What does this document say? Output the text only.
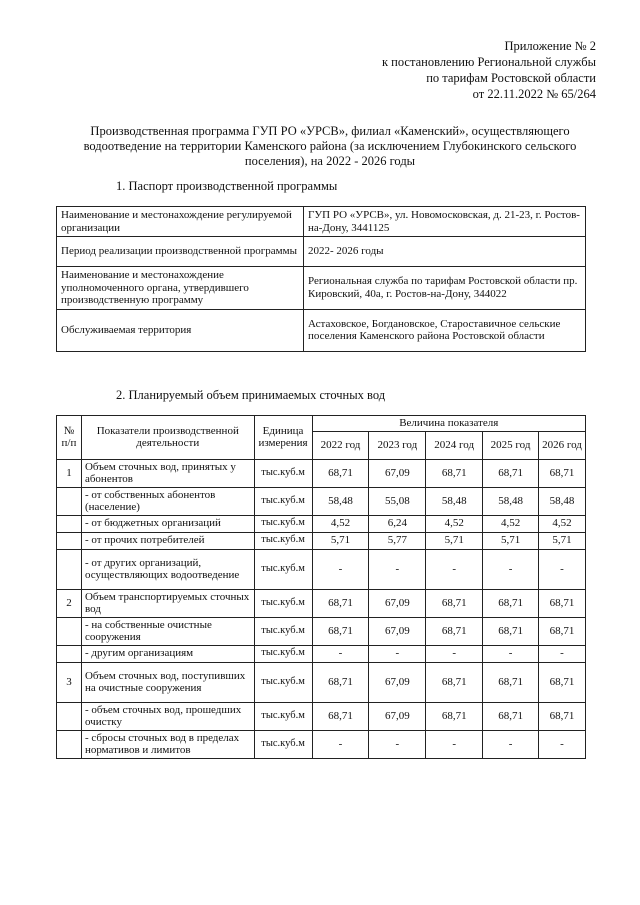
Приложение № 2
к постановлению Региональной службы
по тарифам Ростовской области
от 22.11.2022 № 65/264
Производственная программа ГУП РО «УРСВ», филиал «Каменский», осуществляющего водоотведение на территории Каменского района (за исключением Глубокинского сельского поселения), на 2022 - 2026 годы
1. Паспорт производственной программы
Наименование и местонахождение регулируемой организации	ГУП РО «УРСВ», ул. Новомосковская, д. 21-23, г. Ростов-на-Дону, 3441125
Период реализации производственной программы	2022- 2026 годы
Наименование и местонахождение уполномоченного органа, утвердившего производственную программу	Региональная служба по тарифам Ростовской области пр. Кировский, 40а, г. Ростов-на-Дону, 344022
Обслуживаемая территория	Астаховское, Богдановское, Староставичное сельские поселения Каменского района Ростовской области
2. Планируемый объем принимаемых сточных вод
№ п/п	Показатели производственной деятельности	Единица измерения	Величина показателя				
			2022 год	2023 год	2024 год	2025 год	2026 год
1	Объем сточных вод, принятых у абонентов	тыс.куб.м	68,71	67,09	68,71	68,71	68,71
	- от собственных абонентов (население)	тыс.куб.м	58,48	55,08	58,48	58,48	58,48
	- от бюджетных организаций	тыс.куб.м	4,52	6,24	4,52	4,52	4,52
	- от прочих потребителей	тыс.куб.м	5,71	5,77	5,71	5,71	5,71
	- от других организаций, осуществляющих водоотведение	тыс.куб.м	-	-	-	-	-
2	Объем транспортируемых сточных вод	тыс.куб.м	68,71	67,09	68,71	68,71	68,71
	- на собственные очистные сооружения	тыс.куб.м	68,71	67,09	68,71	68,71	68,71
	- другим организациям	тыс.куб.м	-	-	-	-	-
3	Объем сточных вод, поступивших на очистные сооружения	тыс.куб.м	68,71	67,09	68,71	68,71	68,71
	- объем сточных вод, прошедших очистку	тыс.куб.м	68,71	67,09	68,71	68,71	68,71
	- сбросы сточных вод в пределах нормативов и лимитов	тыс.куб.м	-	-	-	-	-
